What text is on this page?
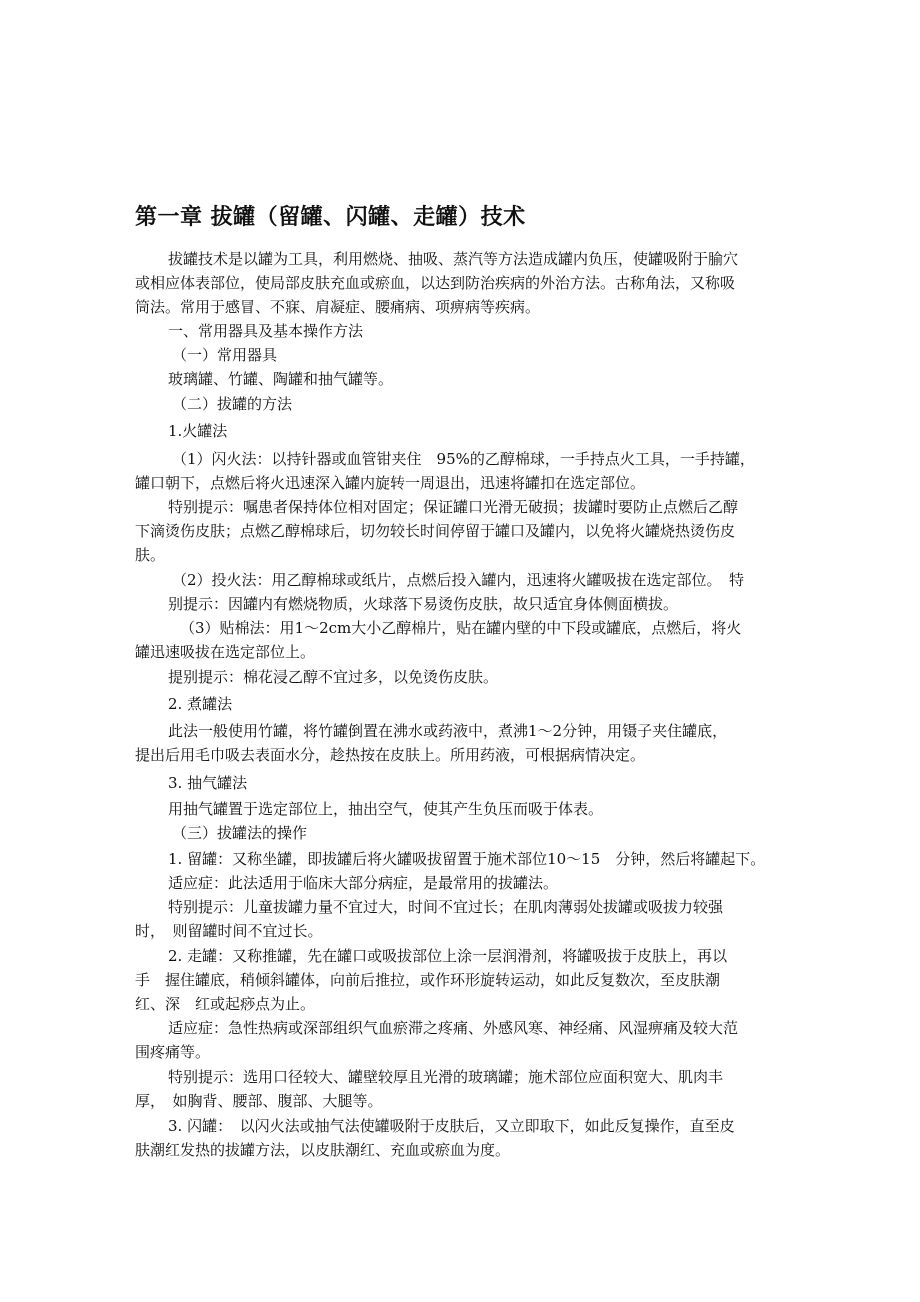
第一章 拔罐（留罐、闪罐、走罐）技术
拔罐技术是以罐为工具，利用燃烧、抽吸、蒸汽等方法造成罐内负压，使罐吸附于腧穴
或相应体表部位，使局部皮肤充血或瘀血，以达到防治疾病的外治方法。古称角法，又称吸
筒法。常用于感冒、不寐、肩凝症、腰痛病、项痹病等疾病。
一、常用器具及基本操作方法
（一）常用器具
玻璃罐、竹罐、陶罐和抽气罐等。
（二）拔罐的方法
1.火罐法
（1）闪火法：以持针器或血管钳夹住　95%的乙醇棉球，一手持点火工具，一手持罐，
罐口朝下，点燃后将火迅速深入罐内旋转一周退出，迅速将罐扣在选定部位。
特别提示：嘱患者保持体位相对固定；保证罐口光滑无破损；拔罐时要防止点燃后乙醇
下滴烫伤皮肤；点燃乙醇棉球后，切勿较长时间停留于罐口及罐内，以免将火罐烧热烫伤皮
肤。
（2）投火法：用乙醇棉球或纸片，点燃后投入罐内，迅速将火罐吸拔在选定部位。　特
别提示：因罐内有燃烧物质，火球落下易烫伤皮肤，故只适宜身体侧面横拔。
（3）贴棉法：用1～2cm大小乙醇棉片，贴在罐内壁的中下段或罐底，点燃后，将火
罐迅速吸拔在选定部位上。
提别提示：棉花浸乙醇不宜过多，以免烫伤皮肤。
2. 煮罐法
此法一般使用竹罐，将竹罐倒置在沸水或药液中，煮沸1～2分钟，用镊子夹住罐底，
提出后用毛巾吸去表面水分，趁热按在皮肤上。所用药液，可根据病情决定。
3. 抽气罐法
用抽气罐置于选定部位上，抽出空气，使其产生负压而吸于体表。
（三）拔罐法的操作
1. 留罐：又称坐罐，即拔罐后将火罐吸拔留置于施术部位10～15　分钟，然后将罐起下。
适应症：此法适用于临床大部分病症，是最常用的拔罐法。
特别提示：儿童拔罐力量不宜过大，时间不宜过长；在肌肉薄弱处拔罐或吸拔力较强
时，　则留罐时间不宜过长。
2. 走罐：又称推罐，先在罐口或吸拔部位上涂一层润滑剂，将罐吸拔于皮肤上，再以
手　握住罐底，稍倾斜罐体，向前后推拉，或作环形旋转运动，如此反复数次，至皮肤潮
红、深　红或起痧点为止。
适应症：急性热病或深部组织气血瘀滞之疼痛、外感风寒、神经痛、风湿痹痛及较大范
围疼痛等。
特别提示：选用口径较大、罐壁较厚且光滑的玻璃罐；施术部位应面积宽大、肌肉丰
厚，　如胸背、腰部、腹部、大腿等。
3. 闪罐：　以闪火法或抽气法使罐吸附于皮肤后，又立即取下，如此反复操作，直至皮
肤潮红发热的拔罐方法，以皮肤潮红、充血或瘀血为度。
